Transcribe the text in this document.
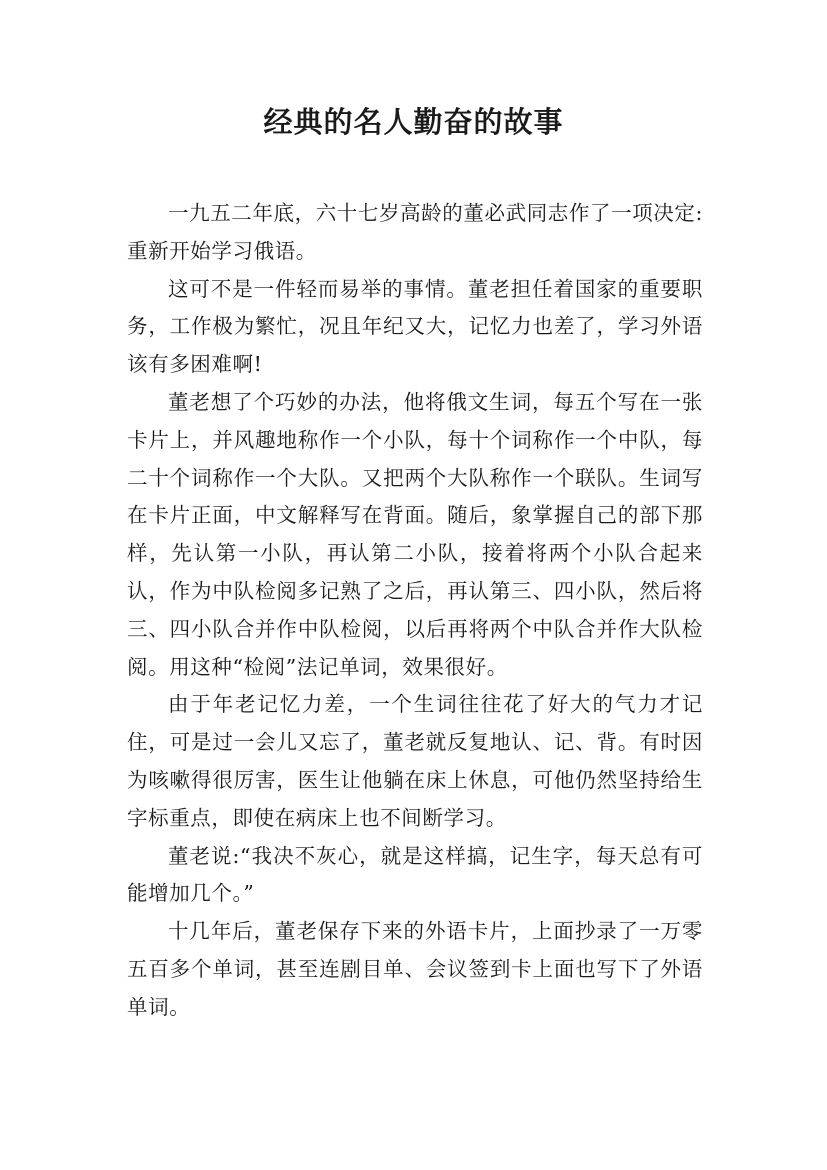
经典的名人勤奋的故事

一九五二年底，六十七岁高龄的董必武同志作了一项决定:重新开始学习俄语。

这可不是一件轻而易举的事情。董老担任着国家的重要职务，工作极为繁忙，况且年纪又大，记忆力也差了，学习外语该有多困难啊!

董老想了个巧妙的办法，他将俄文生词，每五个写在一张卡片上，并风趣地称作一个小队，每十个词称作一个中队，每二十个词称作一个大队。又把两个大队称作一个联队。生词写在卡片正面，中文解释写在背面。随后，象掌握自己的部下那样，先认第一小队，再认第二小队，接着将两个小队合起来认，作为中队检阅多记熟了之后，再认第三、四小队，然后将三、四小队合并作中队检阅，以后再将两个中队合并作大队检阅。用这种“检阅”法记单词，效果很好。

由于年老记忆力差，一个生词往往花了好大的气力才记住，可是过一会儿又忘了，董老就反复地认、记、背。有时因为咳嗽得很厉害，医生让他躺在床上休息，可他仍然坚持给生字标重点，即使在病床上也不间断学习。

董老说:“我决不灰心，就是这样搞，记生字，每天总有可能增加几个。”

十几年后，董老保存下来的外语卡片，上面抄录了一万零五百多个单词，甚至连剧目单、会议签到卡上面也写下了外语单词。
